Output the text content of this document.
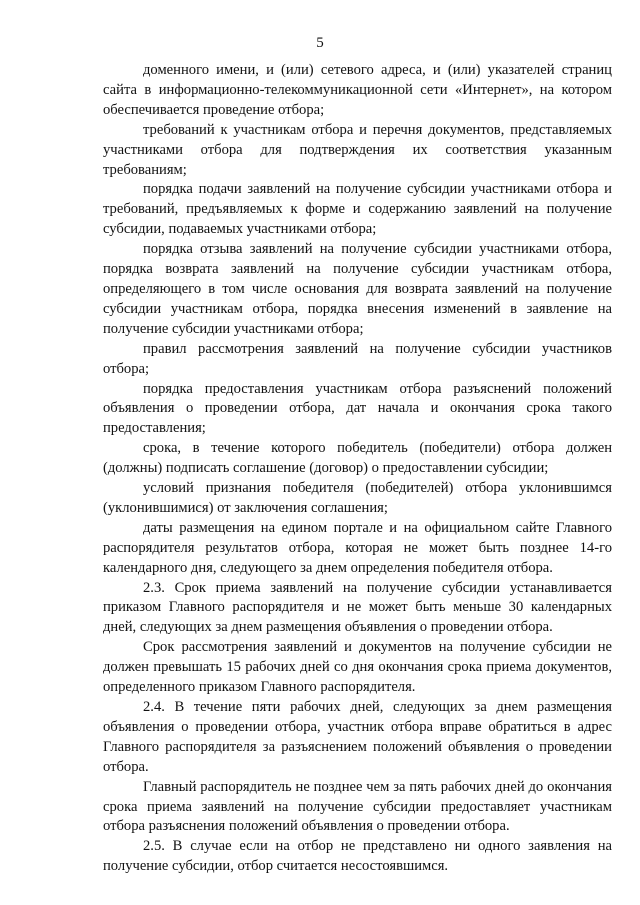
5

доменного имени, и (или) сетевого адреса, и (или) указателей страниц сайта в информационно-телекоммуникационной сети «Интернет», на котором обеспечивается проведение отбора;

требований к участникам отбора и перечня документов, представляемых участниками отбора для подтверждения их соответствия указанным требованиям;

порядка подачи заявлений на получение субсидии участниками отбора и требований, предъявляемых к форме и содержанию заявлений на получение субсидии, подаваемых участниками отбора;

порядка отзыва заявлений на получение субсидии участниками отбора, порядка возврата заявлений на получение субсидии участникам отбора, определяющего в том числе основания для возврата заявлений на получение субсидии участникам отбора, порядка внесения изменений в заявление на получение субсидии участниками отбора;

правил рассмотрения заявлений на получение субсидии участников отбора;

порядка предоставления участникам отбора разъяснений положений объявления о проведении отбора, дат начала и окончания срока такого предоставления;

срока, в течение которого победитель (победители) отбора должен (должны) подписать соглашение (договор) о предоставлении субсидии;

условий признания победителя (победителей) отбора уклонившимся (уклонившимися) от заключения соглашения;

даты размещения на едином портале и на официальном сайте Главного распорядителя результатов отбора, которая не может быть позднее 14-го календарного дня, следующего за днем определения победителя отбора.

2.3. Срок приема заявлений на получение субсидии устанавливается приказом Главного распорядителя и не может быть меньше 30 календарных дней, следующих за днем размещения объявления о проведении отбора.

Срок рассмотрения заявлений и документов на получение субсидии не должен превышать 15 рабочих дней со дня окончания срока приема документов, определенного приказом Главного распорядителя.

2.4. В течение пяти рабочих дней, следующих за днем размещения объявления о проведении отбора, участник отбора вправе обратиться в адрес Главного распорядителя за разъяснением положений объявления о проведении отбора.

Главный распорядитель не позднее чем за пять рабочих дней до окончания срока приема заявлений на получение субсидии предоставляет участникам отбора разъяснения положений объявления о проведении отбора.

2.5. В случае если на отбор не представлено ни одного заявления на получение субсидии, отбор считается несостоявшимся.
